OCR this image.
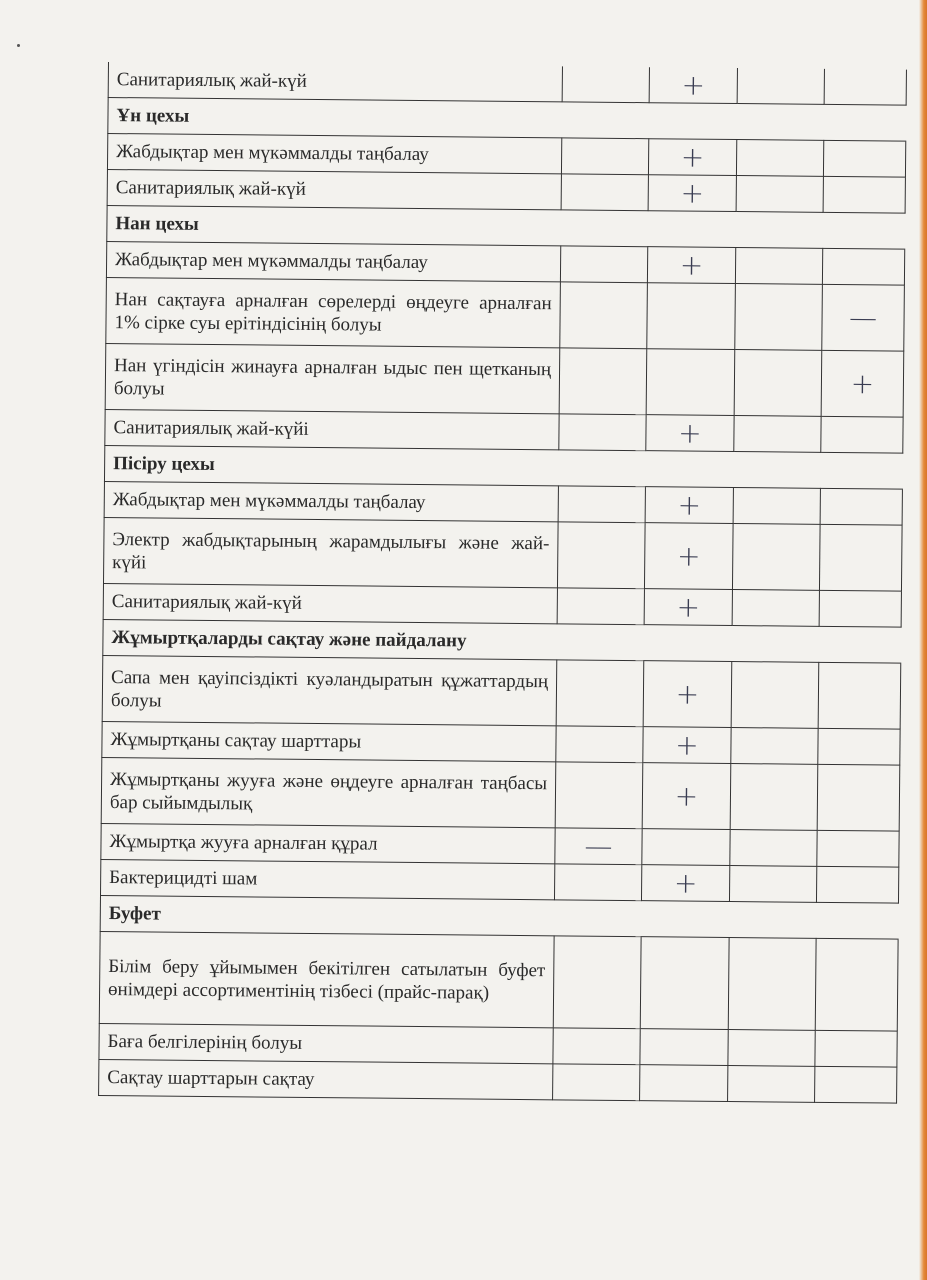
Санитариялық жай-күй		+		
Ұн цехы				
Жабдықтар мен мүкәммалды таңбалау		+		
Санитариялық жай-күй		+		
Нан цехы				
Жабдықтар мен мүкәммалды таңбалау		+		
Нан сақтауға арналған сөрелерді өңдеуге арналған 1% сірке суы ерітіндісінің болуы				—
Нан үгіндісін жинауға арналған ыдыс пен щетканың болуы				+
Санитариялық жай-күйі		+		
Пісіру цехы				
Жабдықтар мен мүкәммалды таңбалау		+		
Электр жабдықтарының жарамдылығы және жай-күйі		+		
Санитариялық жай-күй		+		
Жұмыртқаларды сақтау және пайдалану				
Сапа мен қауіпсіздікті куәландыратын құжаттардың болуы		+		
Жұмыртқаны сақтау шарттары		+		
Жұмыртқаны жууға және өңдеуге арналған таңбасы бар сыйымдылық		+		
Жұмыртқа жууға арналған құрал	—			
Бактерицидті шам		+		
Буфет				
Білім беру ұйымымен бекітілген сатылатын буфет өнімдері ассортиментінің тізбесі (прайс-парақ)				
Баға белгілерінің болуы				
Сақтау шарттарын сақтау				
